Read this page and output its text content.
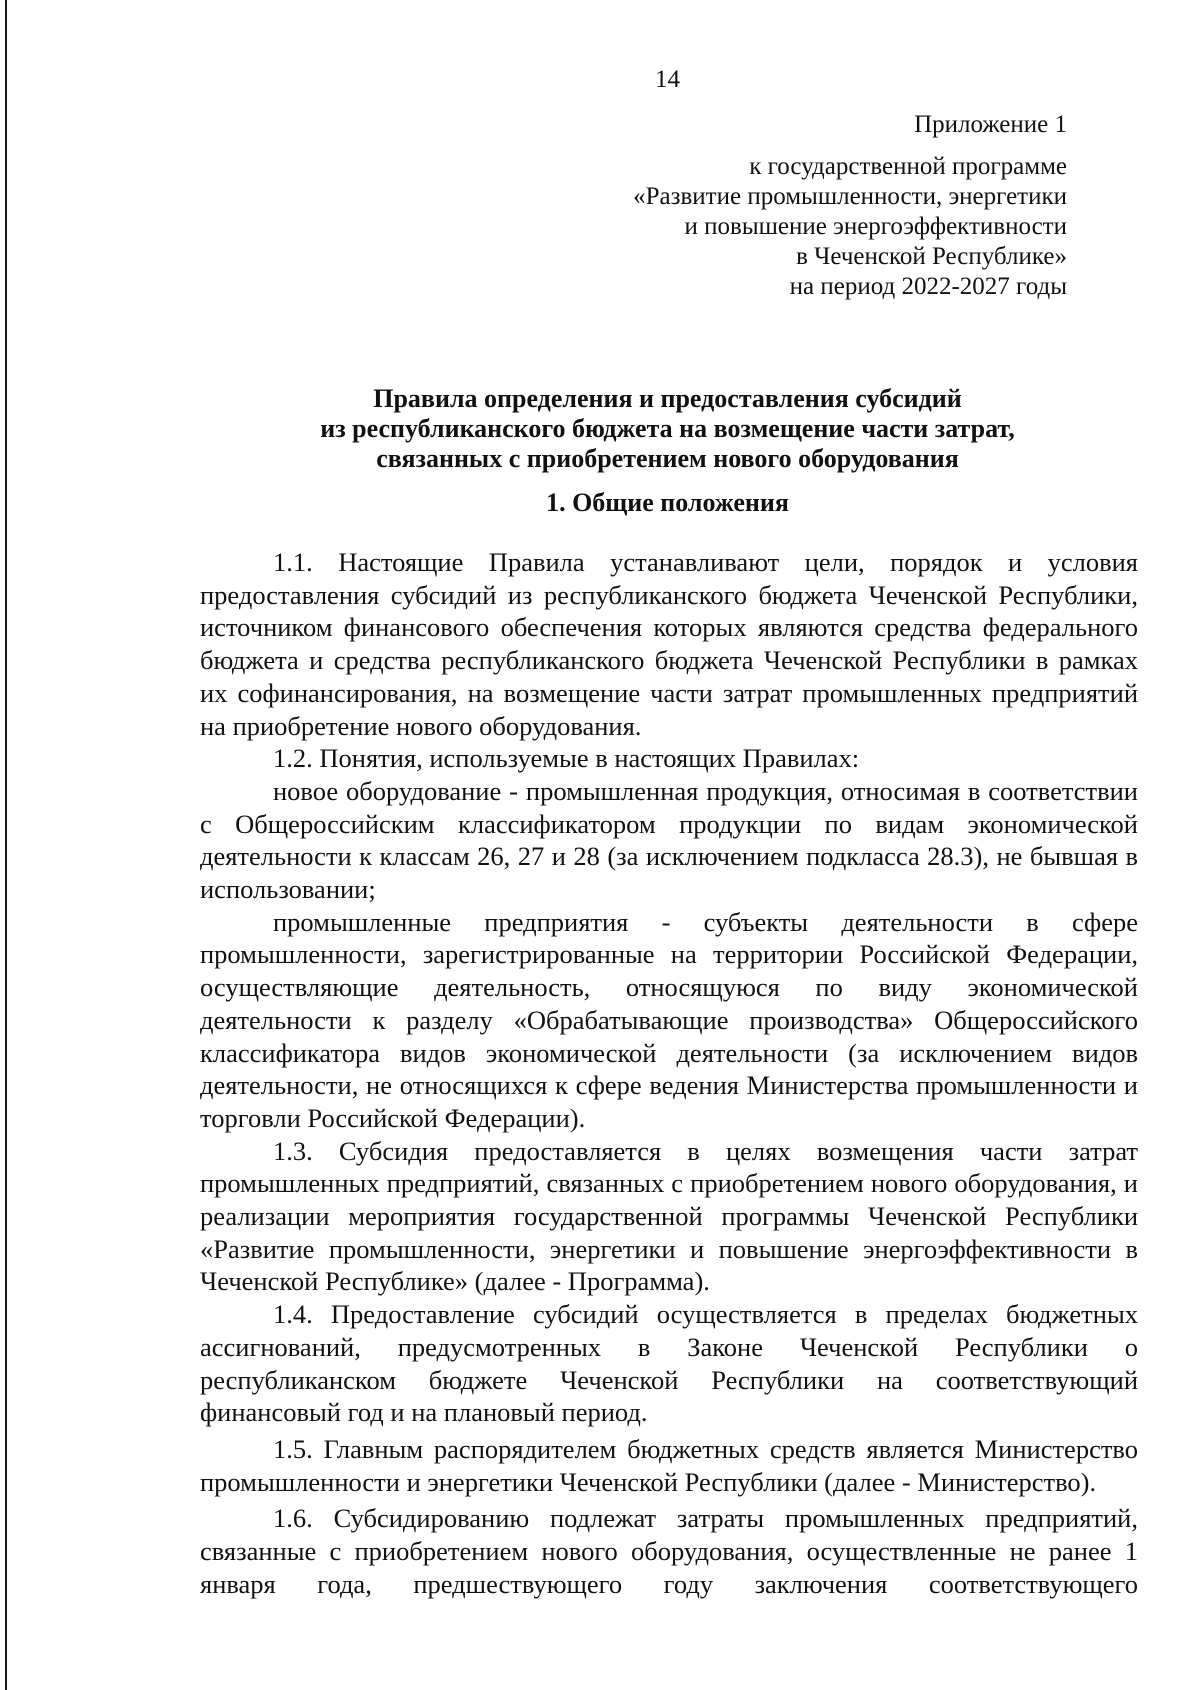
14
Приложение 1
к государственной программе
«Развитие промышленности, энергетики
и повышение энергоэффективности
в Чеченской Республике»
на период 2022-2027 годы
Правила определения и предоставления субсидий
из республиканского бюджета на возмещение части затрат,
связанных с приобретением нового оборудования
1. Общие положения

1.1. Настоящие Правила устанавливают цели, порядок и условия предоставления субсидий из республиканского бюджета Чеченской Республики, источником финансового обеспечения которых являются средства федерального бюджета и средства республиканского бюджета Чеченской Республики в рамках их софинансирования, на возмещение части затрат промышленных предприятий на приобретение нового оборудования.

1.2. Понятия, используемые в настоящих Правилах:

новое оборудование - промышленная продукция, относимая в соответствии с Общероссийским классификатором продукции по видам экономической деятельности к классам 26, 27 и 28 (за исключением подкласса 28.3), не бывшая в использовании;

промышленные предприятия - субъекты деятельности в сфере промышленности, зарегистрированные на территории Российской Федерации, осуществляющие деятельность, относящуюся по виду экономической деятельности к разделу «Обрабатывающие производства» Общероссийского классификатора видов экономической деятельности (за исключением видов деятельности, не относящихся к сфере ведения Министерства промышленности и торговли Российской Федерации).

1.3. Субсидия предоставляется в целях возмещения части затрат промышленных предприятий, связанных с приобретением нового оборудования, и реализации мероприятия государственной программы Чеченской Республики «Развитие промышленности, энергетики и повышение энергоэффективности в Чеченской Республике» (далее - Программа).

1.4. Предоставление субсидий осуществляется в пределах бюджетных ассигнований, предусмотренных в Законе Чеченской Республики о республиканском бюджете Чеченской Республики на соответствующий финансовый год и на плановый период.

1.5. Главным распорядителем бюджетных средств является Министерство промышленности и энергетики Чеченской Республики (далее - Министерство).

1.6. Субсидированию подлежат затраты промышленных предприятий, связанные с приобретением нового оборудования, осуществленные не ранее 1 января года, предшествующего году заключения соответствующего
